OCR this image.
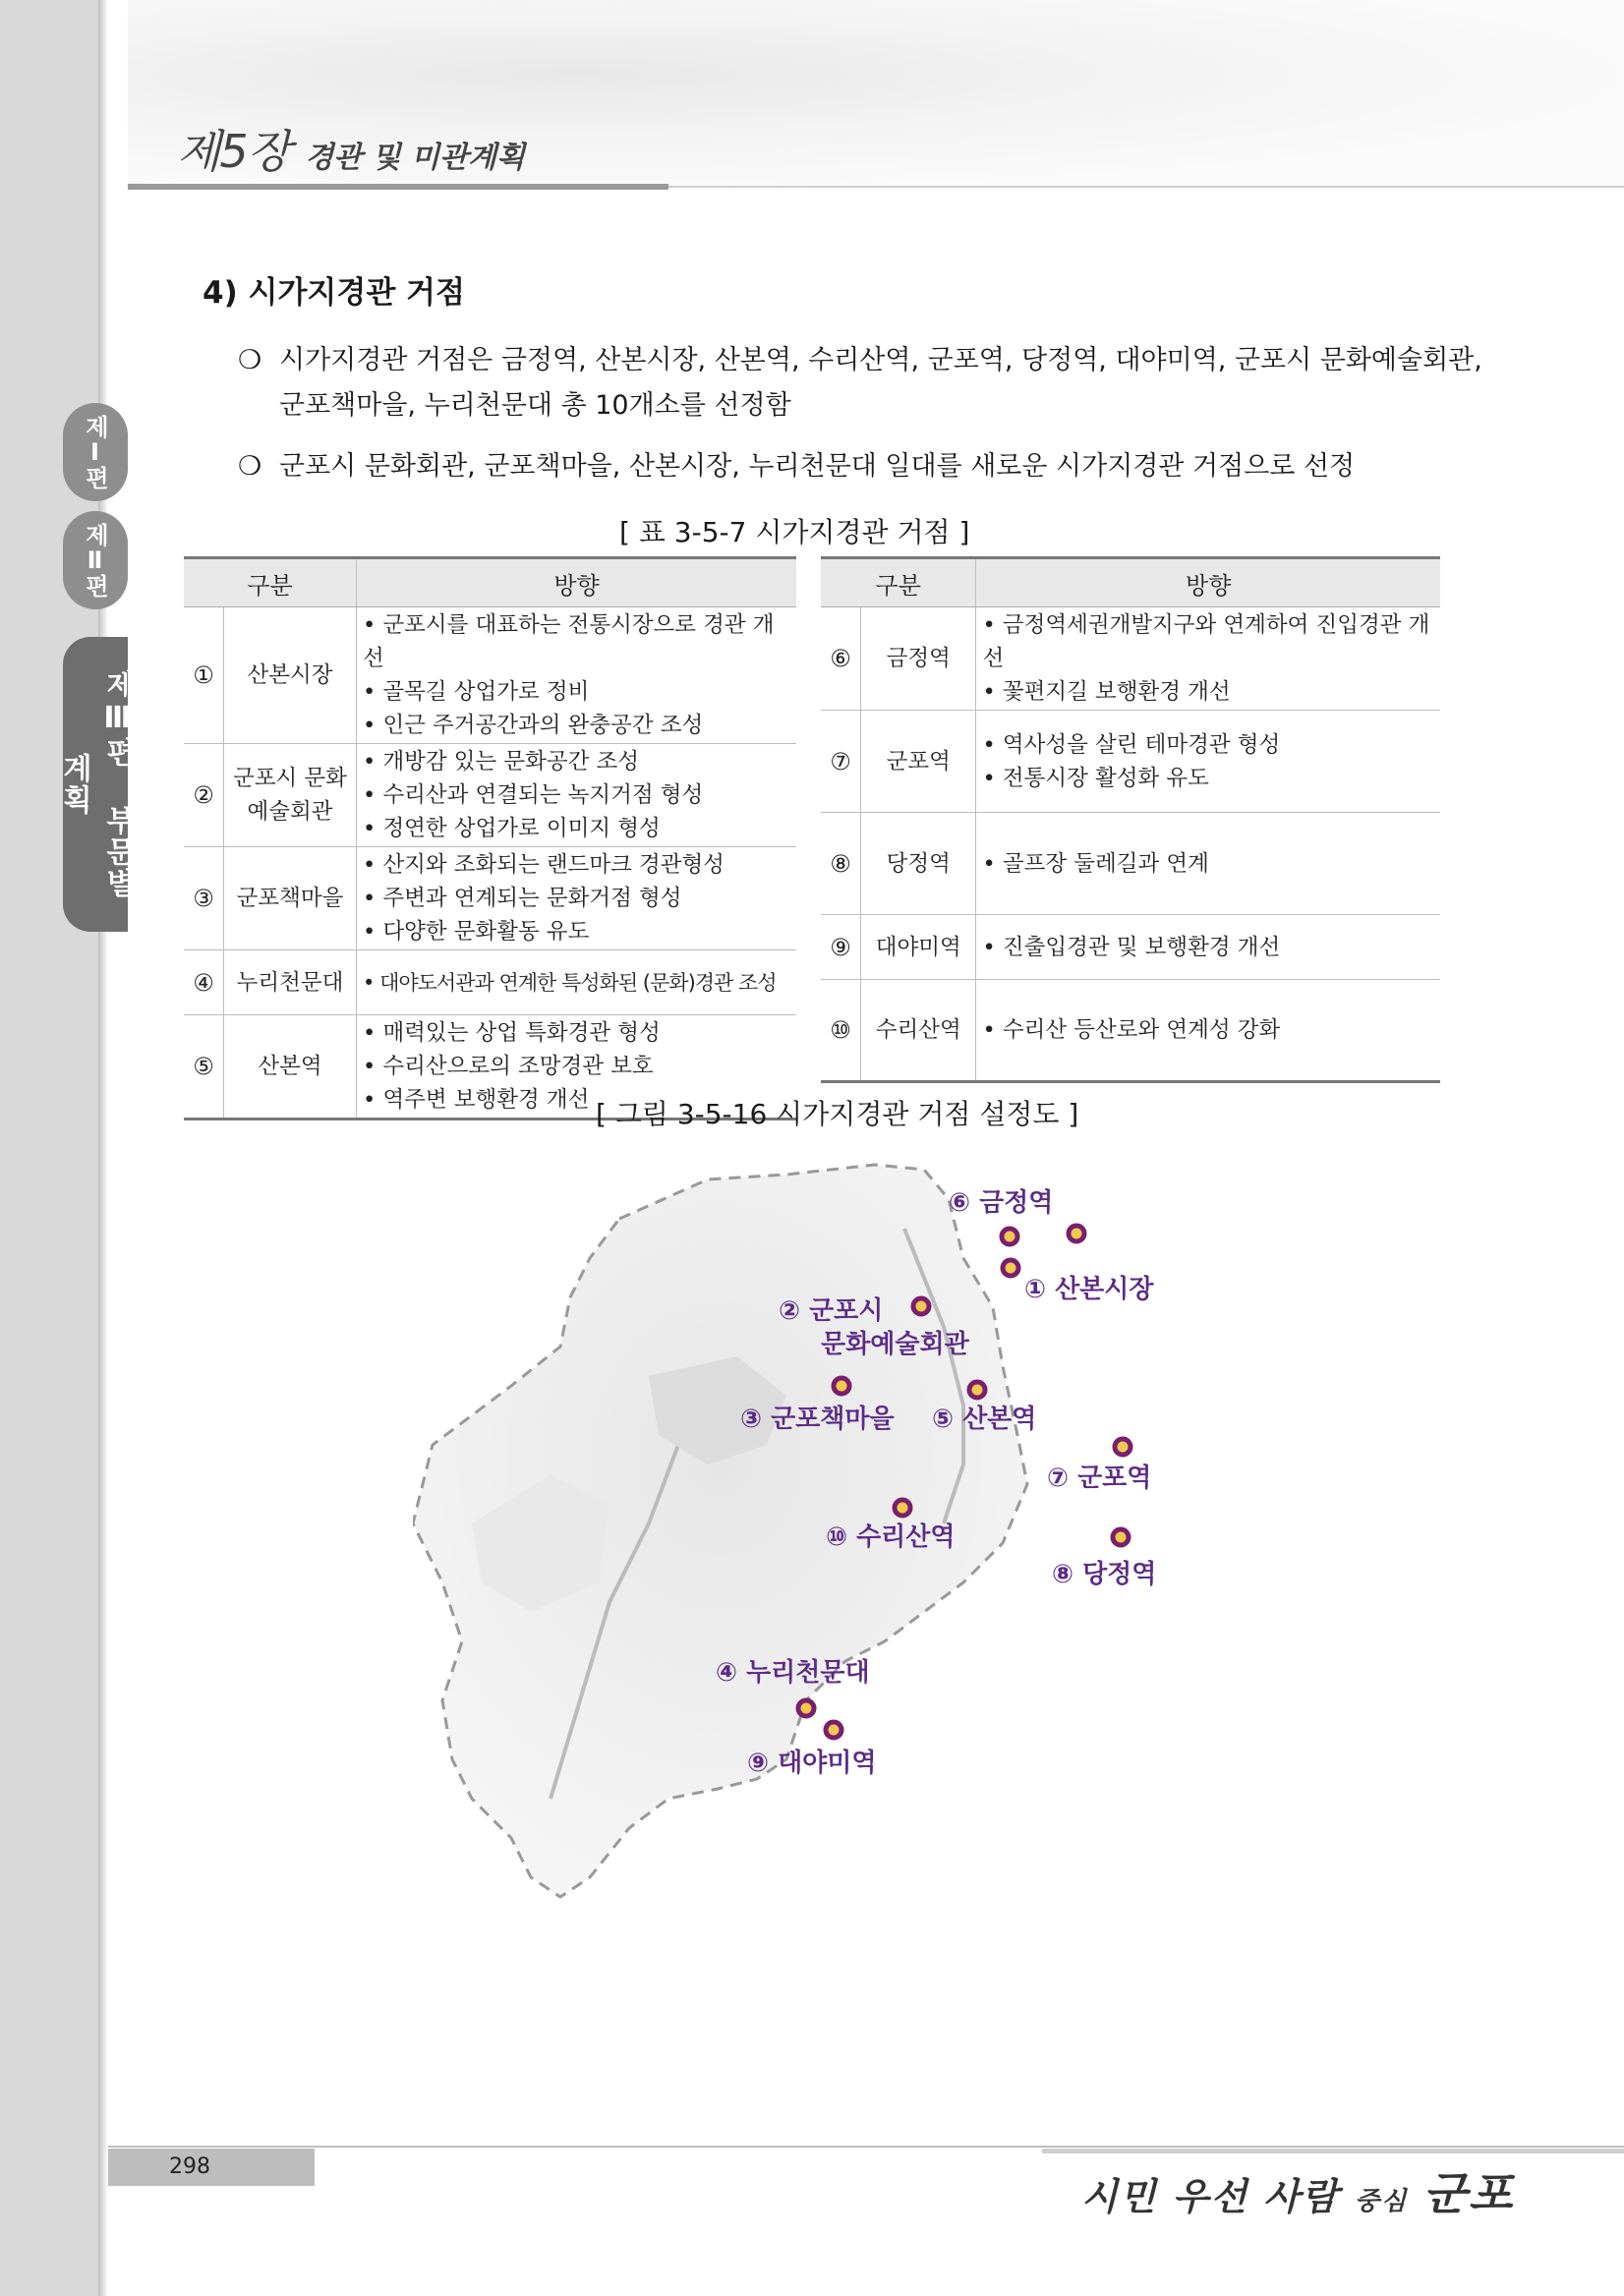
제Ⅰ편
제Ⅱ편
제Ⅲ편 부문별 계획
제5장 경관 및 미관계획
4) 시가지경관 거점
❍ 시가지경관 거점은 금정역, 산본시장, 산본역, 수리산역, 군포역, 당정역, 대야미역, 군포시 문화예술회관, 군포책마을, 누리천문대 총 10개소를 선정함
❍ 군포시 문화회관, 군포책마을, 산본시장, 누리천문대 일대를 새로운 시가지경관 거점으로 선정
[ 표 3-5-7 시가지경관 거점 ]
구분		방향
①	산본시장	• 군포시를 대표하는 전통시장으로 경관 개선
• 골목길 상업가로 정비
• 인근 주거공간과의 완충공간 조성

②	군포시 문화 예술회관	• 개방감 있는 문화공간 조성
• 수리산과 연결되는 녹지거점 형성
• 정연한 상업가로 이미지 형성

③	군포책마을	• 산지와 조화되는 랜드마크 경관형성
• 주변과 연계되는 문화거점 형성
• 다양한 문화활동 유도

④	누리천문대	• 대야도서관과 연계한 특성화된 (문화)경관 조성

⑤	산본역	• 매력있는 상업 특화경관 형성
• 수리산으로의 조망경관 보호
• 역주변 보행환경 개선
구분		방향
⑥	금정역	• 금정역세권개발지구와 연계하여 진입경관 개선
• 꽃편지길 보행환경 개선

⑦	군포역	• 역사성을 살린 테마경관 형성
• 전통시장 활성화 유도

⑧	당정역	• 골프장 둘레길과 연계

⑨	대야미역	• 진출입경관 및 보행환경 개선

⑩	수리산역	• 수리산 등산로와 연계성 강화
[ 그림 3-5-16 시가지경관 거점 설정도 ]
⑥ 금정역
① 산본시장
② 군포시
문화예술회관
③ 군포책마을 ⑤ 산본역
⑦ 군포역
⑩ 수리산역
⑧ 당정역
④ 누리천문대
⑨ 대야미역
298
시민 우선 사람 중심 군포
